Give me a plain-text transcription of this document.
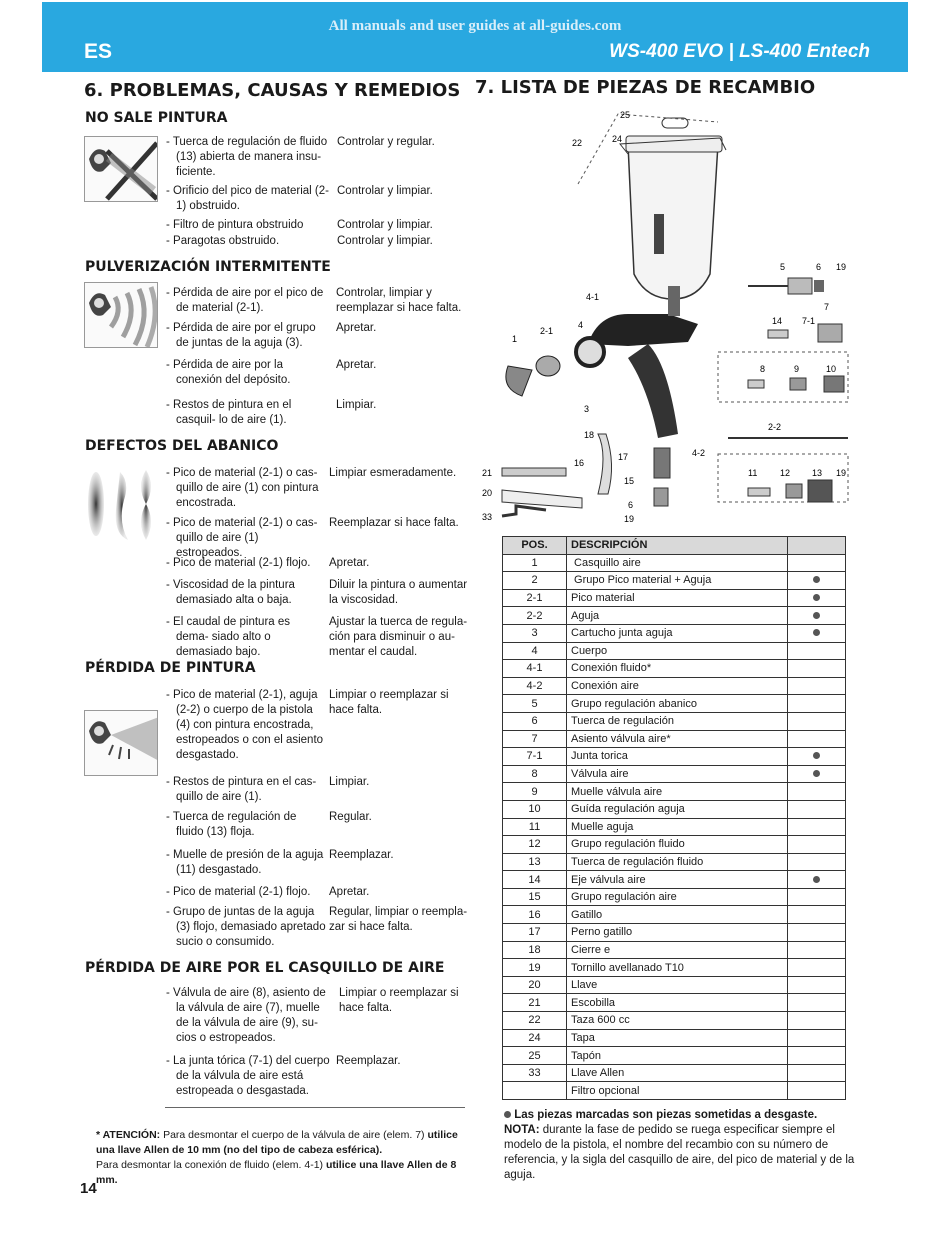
All manuals and user guides at all-guides.com
ES	WS-400 EVO | LS-400 Entech
6. PROBLEMAS, CAUSAS Y REMEDIOS
NO SALE PINTURA
- Tuerca de regulación de fluido (13) abierta de manera insu- ficiente.
Controlar y regular.
- Orificio del pico de material (2-1) obstruido.
Controlar y limpiar.
- Filtro de pintura obstruido	Controlar y limpiar.
- Paragotas obstruido.	Controlar y limpiar.
PULVERIZACIÓN INTERMITENTE
- Pérdida de aire por el pico de de material (2-1).
Controlar, limpiar y reemplazar si hace falta.
- Pérdida de aire por el grupo de juntas de la aguja (3).
Apretar.
- Pérdida de aire por la conexión del depósito.
Apretar.
- Restos de pintura en el casquil- lo de aire (1).
Limpiar.
DEFECTOS DEL ABANICO
- Pico de material (2-1) o cas- quillo de aire (1) con pintura encostrada.
Limpiar esmeradamente.
- Pico de material (2-1) o cas- quillo de aire (1) estropeados.
Reemplazar si hace falta.
- Pico de material (2-1) flojo.	Apretar.
- Viscosidad de la pintura demasiado alta o baja.
Diluir la pintura o aumentar la viscosidad.
- El caudal de pintura es dema- siado alto o demasiado bajo.
Ajustar la tuerca de regula- ción para disminuir o au- mentar el caudal.
PÉRDIDA DE PINTURA
- Pico de material (2-1), aguja (2-2) o cuerpo de la pistola (4) con pintura encostrada, estropeados o con el asiento desgastado.
Limpiar o reemplazar si hace falta.
- Restos de pintura en el cas- quillo de aire (1).
Limpiar.
- Tuerca de regulación de fluido (13) floja.
Regular.
- Muelle de presión de la aguja (11) desgastado.
Reemplazar.
- Pico de material (2-1) flojo.	Apretar.
- Grupo de juntas de la aguja (3) flojo, demasiado apretado sucio o consumido.
Regular, limpiar o reempla- zar si hace falta.
PÉRDIDA DE AIRE POR EL CASQUILLO DE AIRE
- Válvula de aire (8), asiento de la válvula de aire (7), muelle de la válvula de aire (9), su- cios o estropeados.
Limpiar o reemplazar si hace falta.
- La junta tórica (7-1) del cuerpo de la válvula de aire está estropeada o desgastada.
Reemplazar.
* ATENCIÓN: Para desmontar el cuerpo de la válvula de aire (elem. 7) utilice una llave Allen de 10 mm (no del tipo de cabeza esférica).
Para desmontar la conexión de fluido (elem. 4-1) utilice una llave Allen de 8 mm.
14
7. LISTA DE PIEZAS DE RECAMBIO
25
24
22
5	6 19
4-1
7
14 7-1
4
2-1
1
8	9	10
3
2-2
18
17	4-2
16
11	12 13 19
21
15
20
6
33	19
POS.	DESCRIPCIÓN	
1	Casquillo aire	
2	Grupo Pico material + Aguja	
2-1	Pico material	
2-2	Aguja	
3	Cartucho junta aguja	
4	Cuerpo	
4-1	Conexión fluido*	
4-2	Conexión aire	
5	Grupo regulación abanico	
6	Tuerca de regulación	
7	Asiento válvula aire*	
7-1	Junta torica	
8	Válvula aire	
9	Muelle válvula aire	
10	Guída regulación aguja	
11	Muelle aguja	
12	Grupo regulación fluido	
13	Tuerca de regulación fluido	
14	Eje válvula aire	
15	Grupo regulación aire	
16	Gatillo	
17	Perno gatillo	
18	Cierre e	
19	Tornillo avellanado T10	
20	Llave	
21	Escobilla	
22	Taza 600 cc	
24	Tapa	
25	Tapón	
33	Llave Allen	
	Filtro opcional	
Las piezas marcadas son piezas sometidas a desgaste.
NOTA: durante la fase de pedido se ruega especificar siempre el modelo de la pistola, el nombre del recambio con su número de referencia, y la sigla del casquillo de aire, del pico de material y de la aguja.
